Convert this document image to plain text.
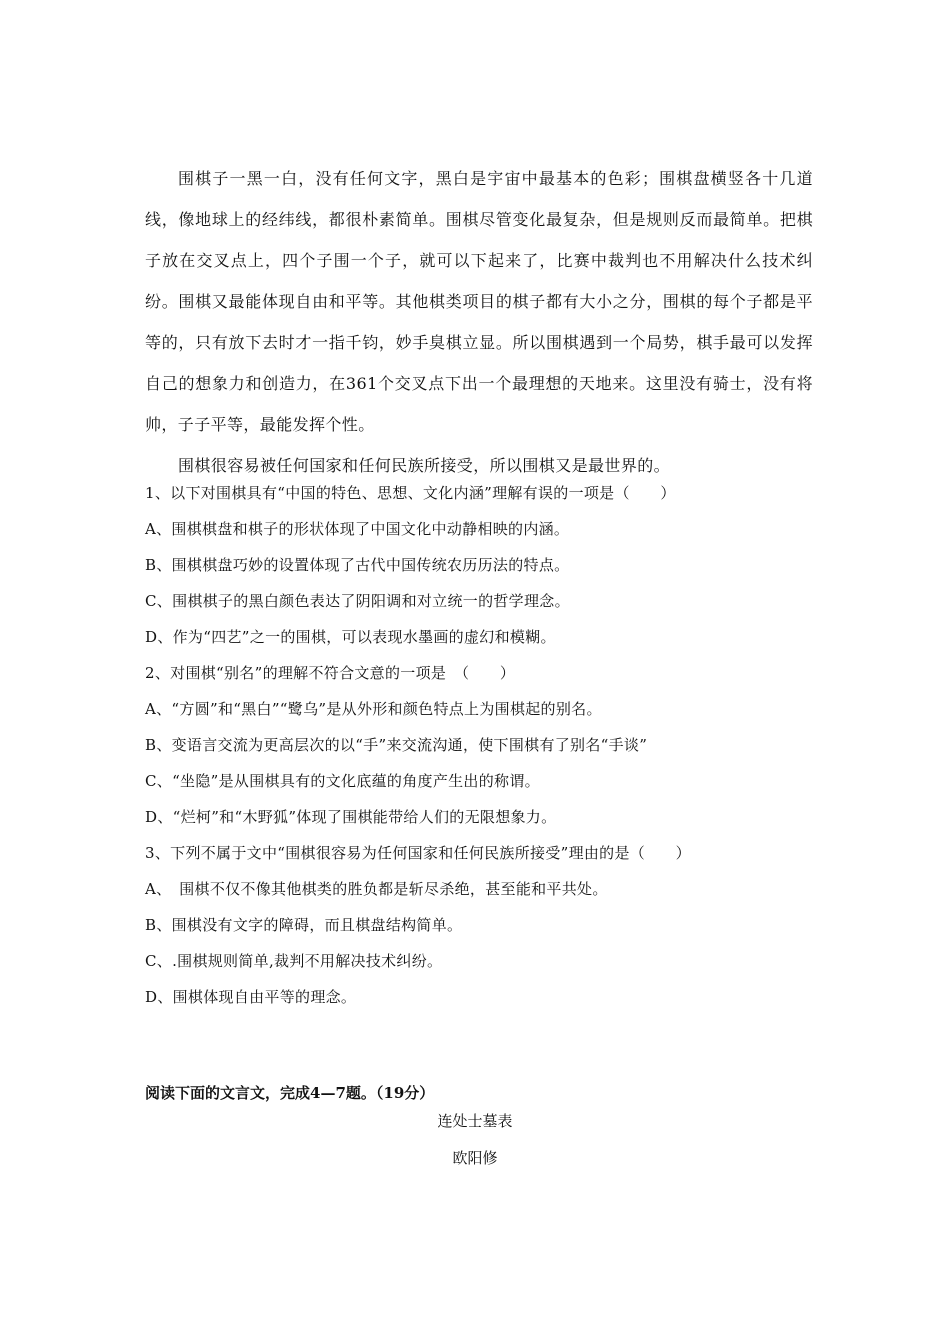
围棋子一黑一白，没有任何文字，黑白是宇宙中最基本的色彩；围棋盘横竖各十几道线，像地球上的经纬线，都很朴素简单。围棋尽管变化最复杂，但是规则反而最简单。把棋子放在交叉点上，四个子围一个子，就可以下起来了，比赛中裁判也不用解决什么技术纠纷。围棋又最能体现自由和平等。其他棋类项目的棋子都有大小之分，围棋的每个子都是平等的，只有放下去时才一指千钧，妙手臭棋立显。所以围棋遇到一个局势，棋手最可以发挥自己的想象力和创造力，在361个交叉点下出一个最理想的天地来。这里没有骑士，没有将帅，子子平等，最能发挥个性。

围棋很容易被任何国家和任何民族所接受，所以围棋又是最世界的。

1、以下对围棋具有“中国的特色、思想、文化内涵”理解有误的一项是（　　）
A、围棋棋盘和棋子的形状体现了中国文化中动静相映的内涵。
B、围棋棋盘巧妙的设置体现了古代中国传统农历历法的特点。
C、围棋棋子的黑白颜色表达了阴阳调和对立统一的哲学理念。
D、作为“四艺”之一的围棋，可以表现水墨画的虚幻和模糊。
2、对围棋“别名”的理解不符合文意的一项是　（　　）
A、“方圆”和“黑白”“鹭乌”是从外形和颜色特点上为围棋起的别名。
B、变语言交流为更高层次的以“手”来交流沟通，使下围棋有了别名“手谈”
C、“坐隐”是从围棋具有的文化底蕴的角度产生出的称谓。
D、“烂柯”和“木野狐”体现了围棋能带给人们的无限想象力。
3、下列不属于文中“围棋很容易为任何国家和任何民族所接受”理由的是（　　）
A、　围棋不仅不像其他棋类的胜负都是斩尽杀绝，甚至能和平共处。
B、围棋没有文字的障碍，而且棋盘结构简单。
C、.围棋规则简单,裁判不用解决技术纠纷。
D、围棋体现自由平等的理念。
阅读下面的文言文，完成4—7题。（19分）
连处士墓表
欧阳修
